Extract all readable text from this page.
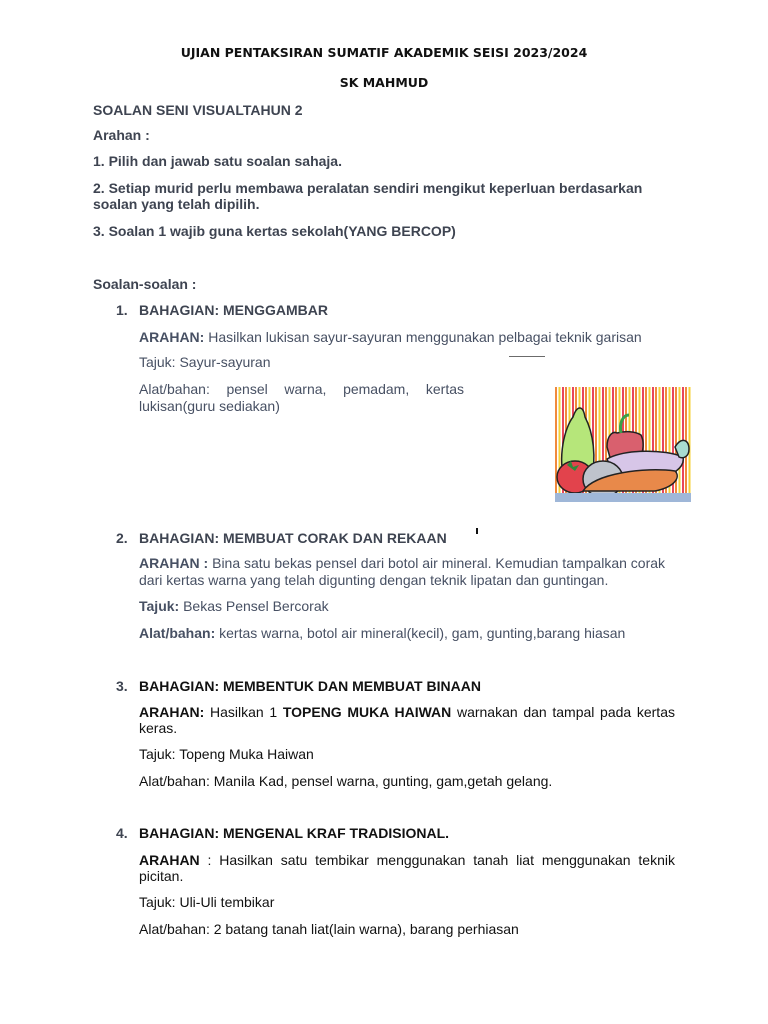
UJIAN PENTAKSIRAN SUMATIF AKADEMIK SEISI 2023/2024
SK MAHMUD
SOALAN SENI VISUALTAHUN 2
Arahan :
1. Pilih dan jawab satu soalan sahaja.
2. Setiap murid perlu membawa peralatan sendiri mengikut keperluan berdasarkan
soalan yang telah dipilih.
3. Soalan 1 wajib guna kertas sekolah(YANG BERCOP)
Soalan-soalan :
1. BAHAGIAN: MENGGAMBAR
ARAHAN: Hasilkan lukisan sayur-sayuran menggunakan pelbagai teknik garisan
Tajuk: Sayur-sayuran
Alat/bahan: pensel warna, pemadam, kertas
lukisan(guru sediakan)
2. BAHAGIAN: MEMBUAT CORAK DAN REKAAN
ARAHAN : Bina satu bekas pensel dari botol air mineral. Kemudian tampalkan corak
dari kertas warna yang telah digunting dengan teknik lipatan dan guntingan.
Tajuk: Bekas Pensel Bercorak
Alat/bahan: kertas warna, botol air mineral(kecil), gam, gunting,barang hiasan
3. BAHAGIAN: MEMBENTUK DAN MEMBUAT BINAAN
ARAHAN: Hasilkan 1 TOPENG MUKA HAIWAN warnakan dan tampal pada kertas
keras.
Tajuk: Topeng Muka Haiwan
Alat/bahan: Manila Kad, pensel warna, gunting, gam,getah gelang.
4. BAHAGIAN: MENGENAL KRAF TRADISIONAL.
ARAHAN : Hasilkan satu tembikar menggunakan tanah liat menggunakan teknik
picitan.
Tajuk: Uli-Uli tembikar
Alat/bahan: 2 batang tanah liat(lain warna), barang perhiasan
